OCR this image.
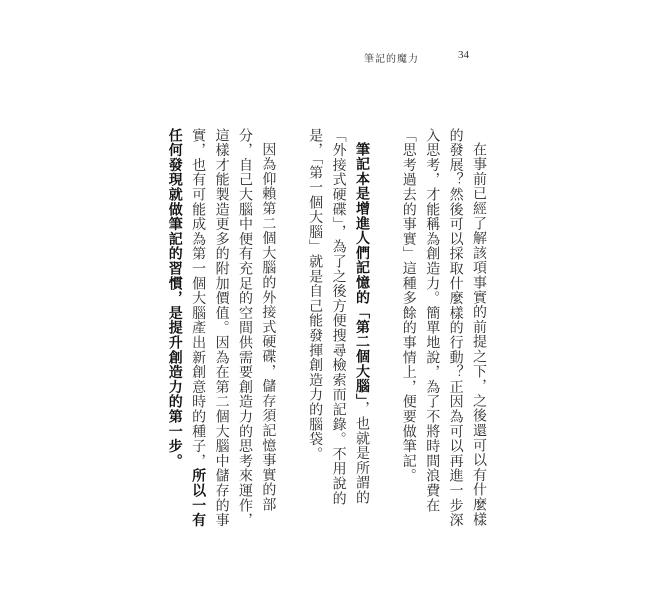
筆記的魔力	34

在事前已經了解該項事實的前提之下，之後還可以有什麼樣的發展？然後可以採取什麼樣的行動？正因為可以再進一步深入思考，才能稱為創造力。簡單地說，為了不將時間浪費在「思考過去的事實」這種多餘的事情上，便要做筆記。

筆記本是增進人們記憶的「第二個大腦」，也就是所謂的「外接式硬碟」，為了之後方便搜尋檢索而記錄。不用說的是，「第一個大腦」就是自己能發揮創造力的腦袋。

因為仰賴第二個大腦的外接式硬碟，儲存須記憶事實的部分，自己大腦中便有充足的空間供需要創造力的思考來運作，這樣才能製造更多的附加價值。因為在第二個大腦中儲存的事實，也有可能成為第一個大腦產出新創意時的種子，所以一有任何發現就做筆記的習慣，是提升創造力的第一步。
